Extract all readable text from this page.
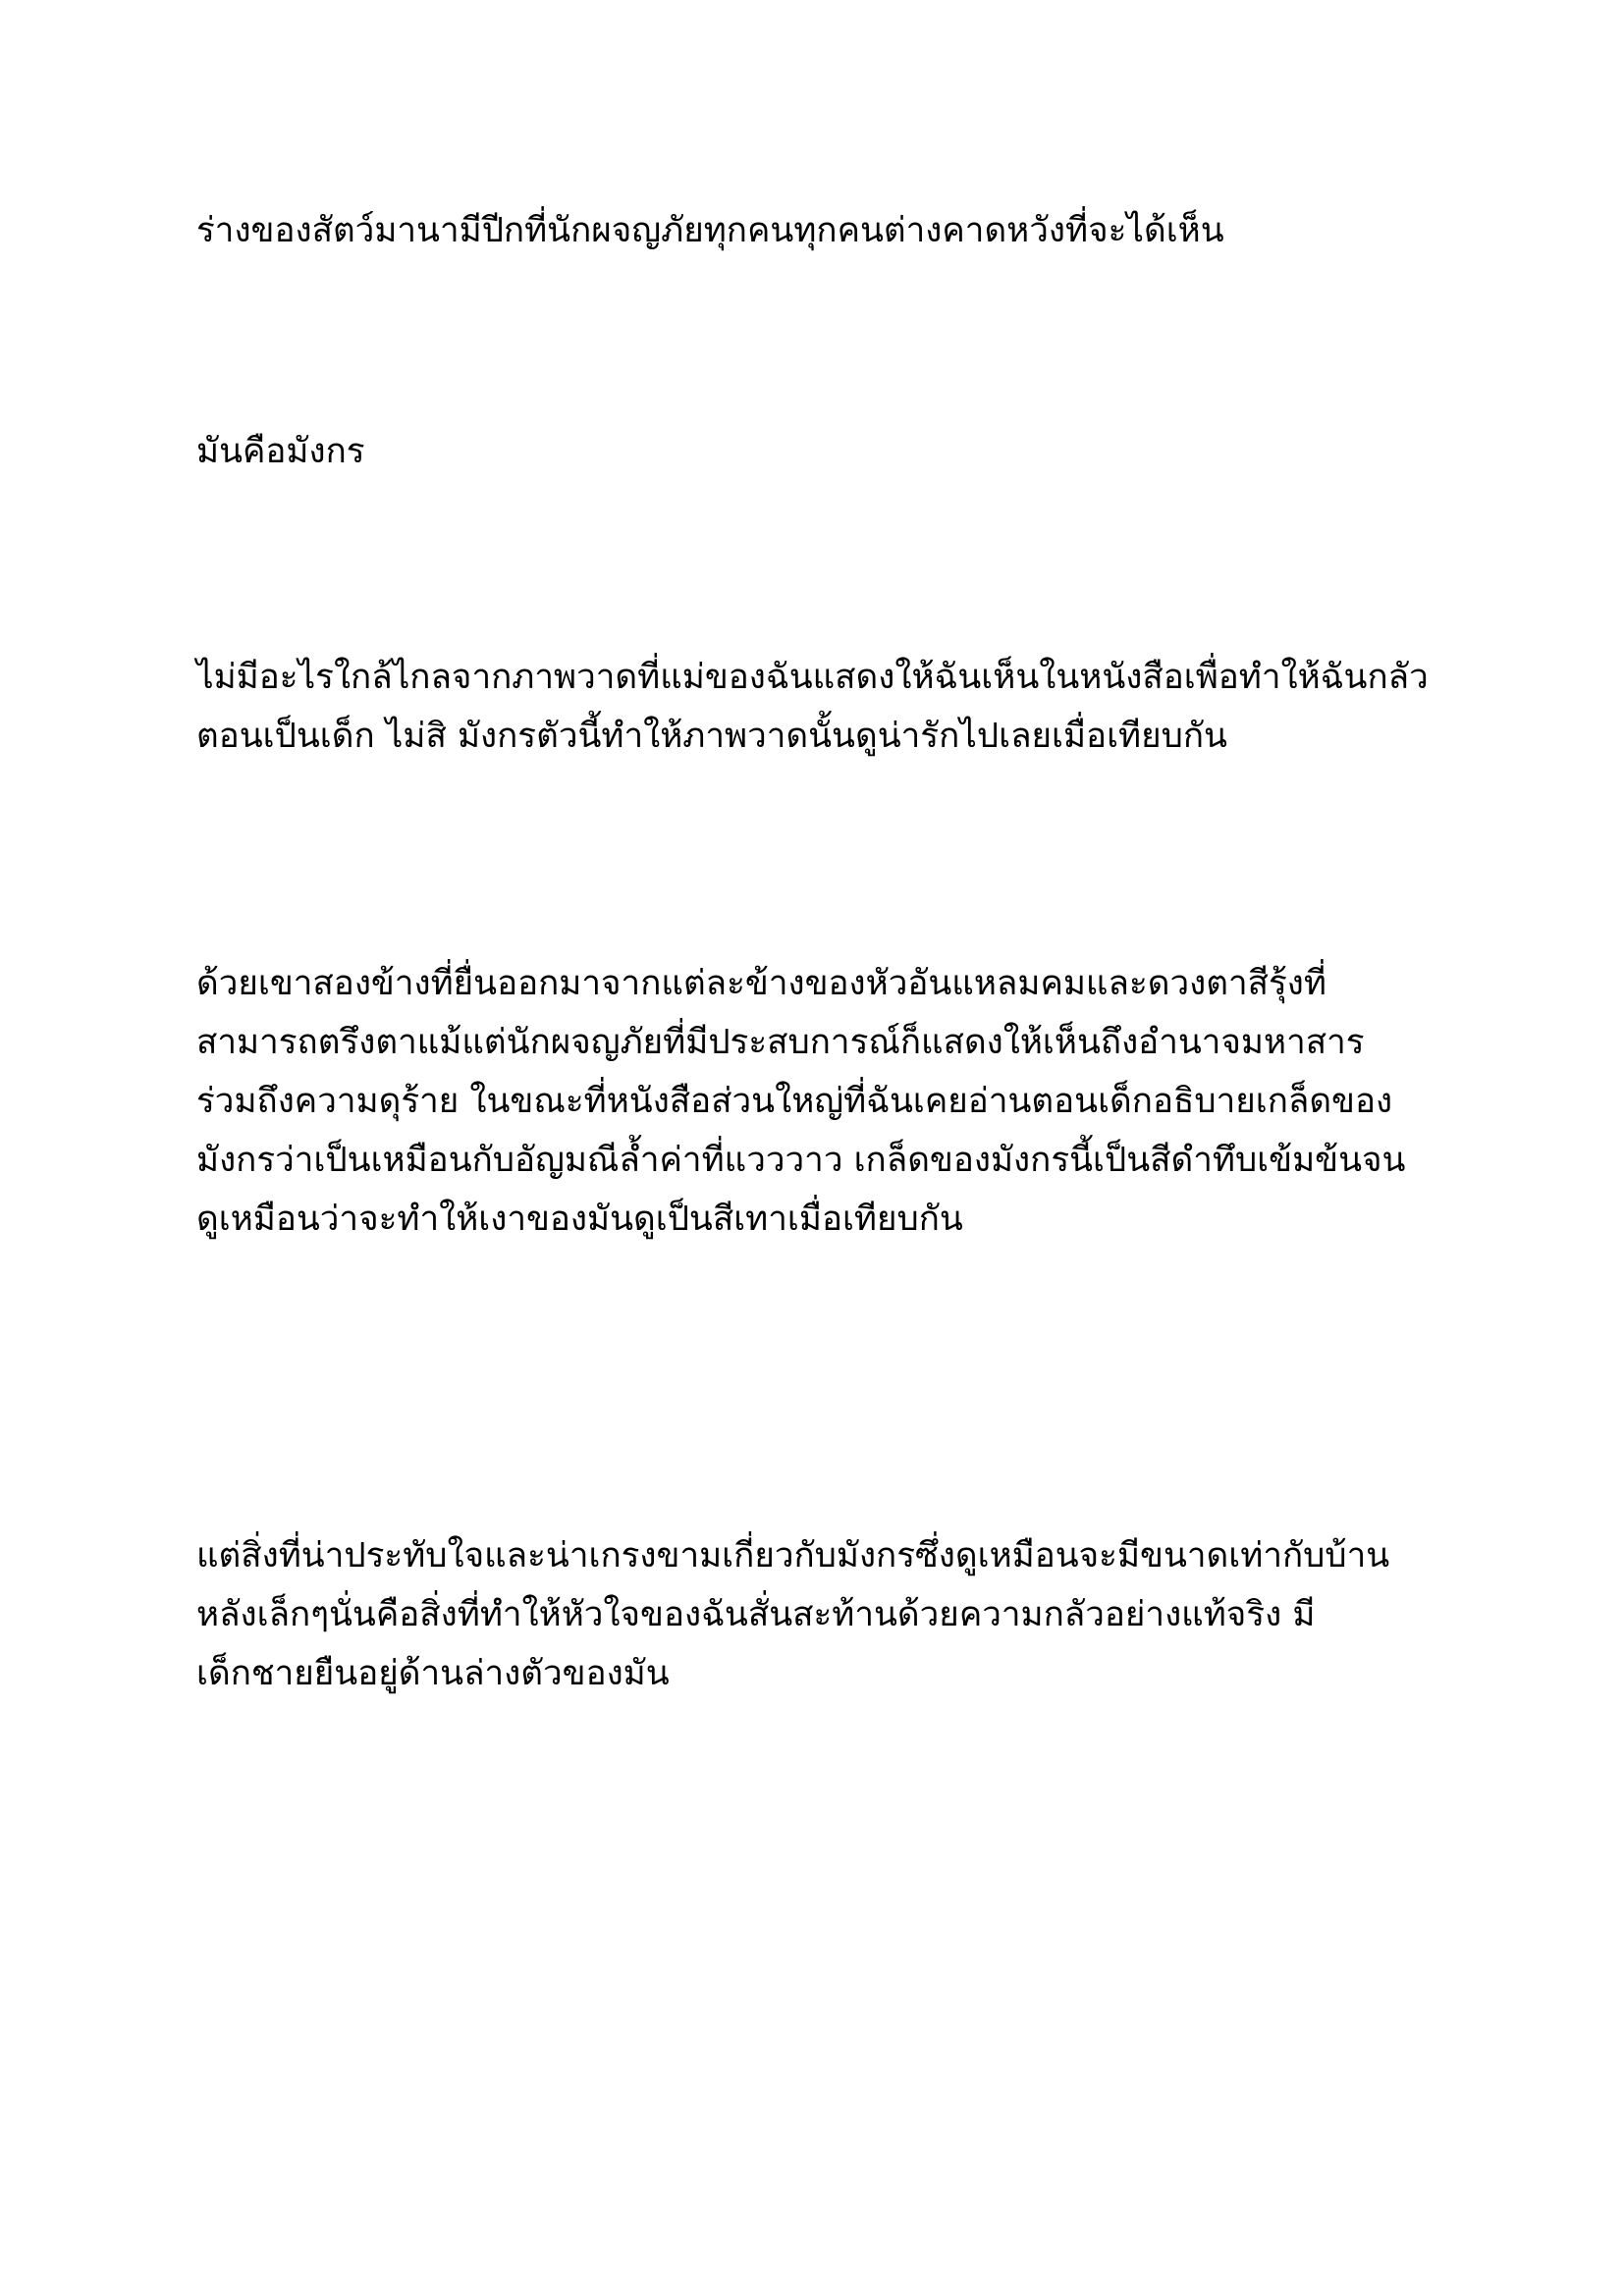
ร่างของสัตว์มานามีปีกที่นักผจญภัยทุกคนทุกคนต่างคาดหวังที่จะได้เห็น
มันคือมังกร
ไม่มีอะไรใกล้ไกลจากภาพวาดที่แม่ของฉันแสดงให้ฉันเห็นในหนังสือเพื่อทำให้ฉันกลัว
ตอนเป็นเด็ก ไม่สิ มังกรตัวนี้ทำให้ภาพวาดนั้นดูน่ารักไปเลยเมื่อเทียบกัน
ด้วยเขาสองข้างที่ยื่นออกมาจากแต่ละข้างของหัวอันแหลมคมและดวงตาสีรุ้งที่
สามารถตรึงตาแม้แต่นักผจญภัยที่มีประสบการณ์ก็แสดงให้เห็นถึงอำนาจมหาสาร
ร่วมถึงความดุร้าย ในขณะที่หนังสือส่วนใหญ่ที่ฉันเคยอ่านตอนเด็กอธิบายเกล็ดของ
มังกรว่าเป็นเหมือนกับอัญมณีล้ำค่าที่แวววาว เกล็ดของมังกรนี้เป็นสีดำทึบเข้มข้นจน
ดูเหมือนว่าจะทำให้เงาของมันดูเป็นสีเทาเมื่อเทียบกัน
แต่สิ่งที่น่าประทับใจและน่าเกรงขามเกี่ยวกับมังกรซึ่งดูเหมือนจะมีขนาดเท่ากับบ้าน
หลังเล็กๆนั่นคือสิ่งที่ทำให้หัวใจของฉันสั่นสะท้านด้วยความกลัวอย่างแท้จริง มี
เด็กชายยืนอยู่ด้านล่างตัวของมัน
